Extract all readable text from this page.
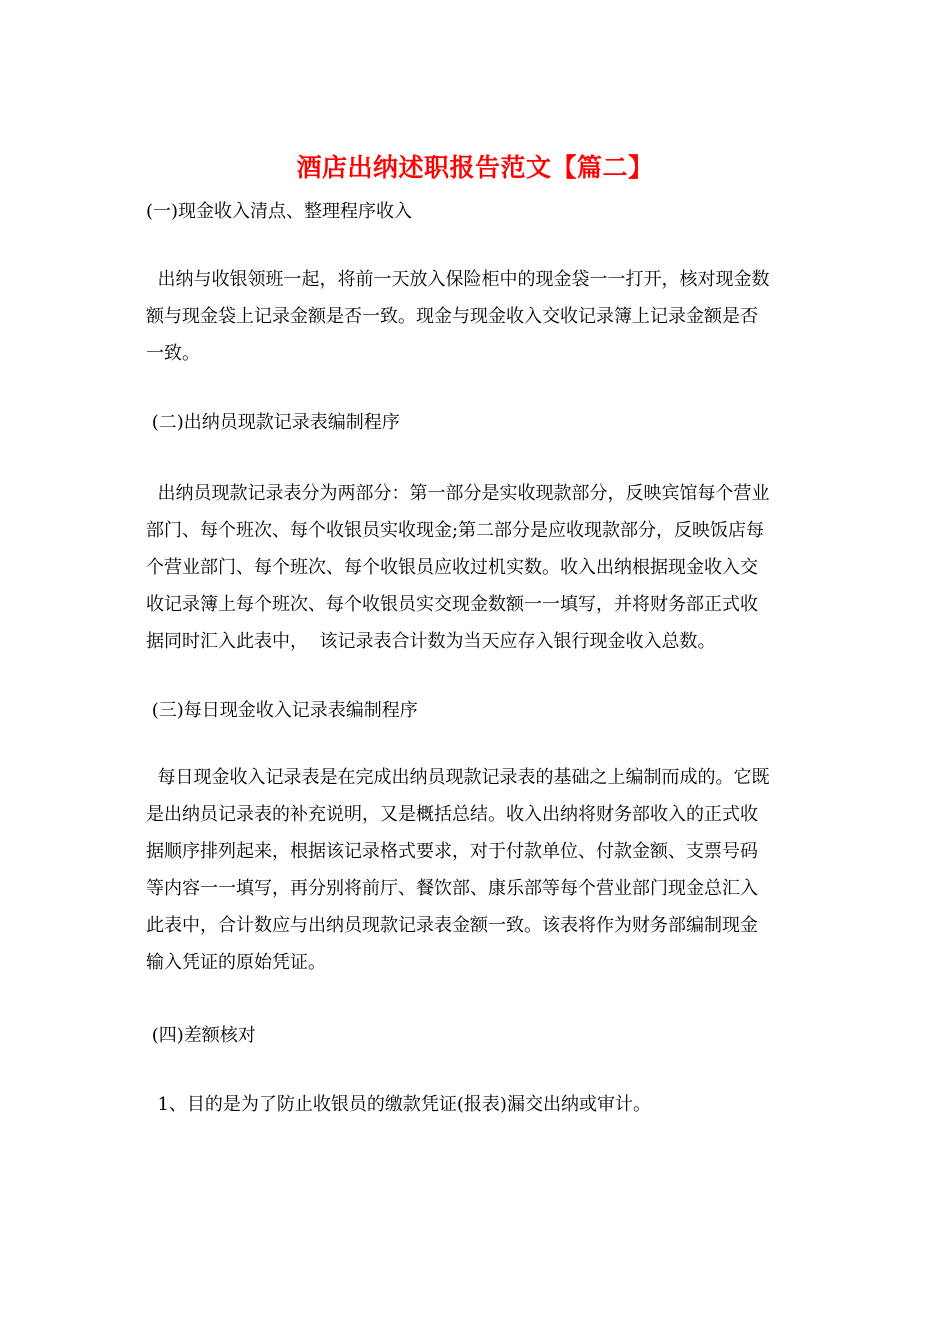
酒店出纳述职报告范文【篇二】
(一)现金收入清点、整理程序收入
出纳与收银领班一起，将前一天放入保险柜中的现金袋一一打开，核对现金数
额与现金袋上记录金额是否一致。现金与现金收入交收记录簿上记录金额是否
一致。
(二)出纳员现款记录表编制程序
出纳员现款记录表分为两部分：第一部分是实收现款部分，反映宾馆每个营业
部门、每个班次、每个收银员实收现金;第二部分是应收现款部分，反映饭店每
个营业部门、每个班次、每个收银员应收过机实数。收入出纳根据现金收入交
收记录簿上每个班次、每个收银员实交现金数额一一填写，并将财务部正式收
据同时汇入此表中，  该记录表合计数为当天应存入银行现金收入总数。
(三)每日现金收入记录表编制程序
每日现金收入记录表是在完成出纳员现款记录表的基础之上编制而成的。它既
是出纳员记录表的补充说明，又是概括总结。收入出纳将财务部收入的正式收
据顺序排列起来，根据该记录格式要求，对于付款单位、付款金额、支票号码
等内容一一填写，再分别将前厅、餐饮部、康乐部等每个营业部门现金总汇入
此表中，合计数应与出纳员现款记录表金额一致。该表将作为财务部编制现金
输入凭证的原始凭证。
(四)差额核对
1、目的是为了防止收银员的缴款凭证(报表)漏交出纳或审计。
